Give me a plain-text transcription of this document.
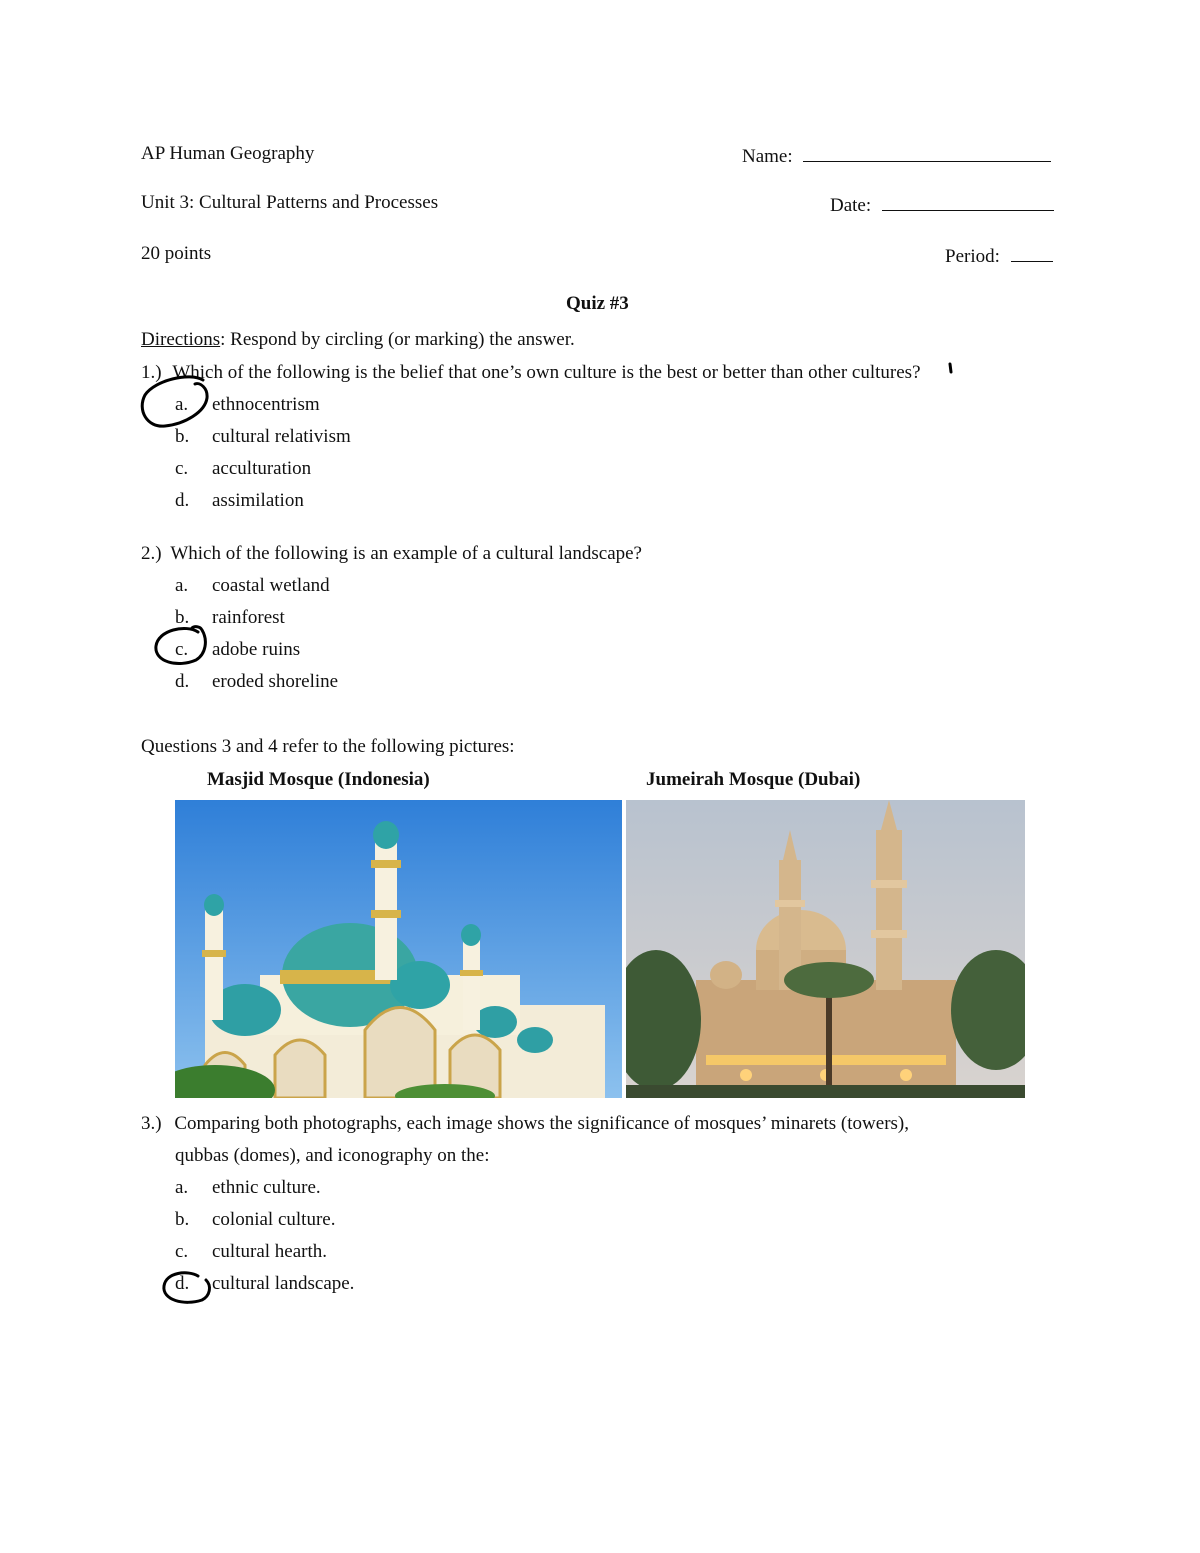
AP Human Geography
Unit 3: Cultural Patterns and Processes
20 points
Name:
Date:
Period:
Quiz #3
Directions: Respond by circling (or marking) the answer.
1.) Which of the following is the belief that one’s own culture is the best or better than other cultures?
a.	ethnocentrism
b.	cultural relativism
c.	acculturation
d.	assimilation
2.) Which of the following is an example of a cultural landscape?
a.	coastal wetland
b.	rainforest
c.	adobe ruins
d.	eroded shoreline
Questions 3 and 4 refer to the following pictures:
Masjid Mosque (Indonesia)	Jumeirah Mosque (Dubai)
3.) Comparing both photographs, each image shows the significance of mosques’ minarets (towers),
qubbas (domes), and iconography on the:
a.	ethnic culture.
b.	colonial culture.
c.	cultural hearth.
d.	cultural landscape.
